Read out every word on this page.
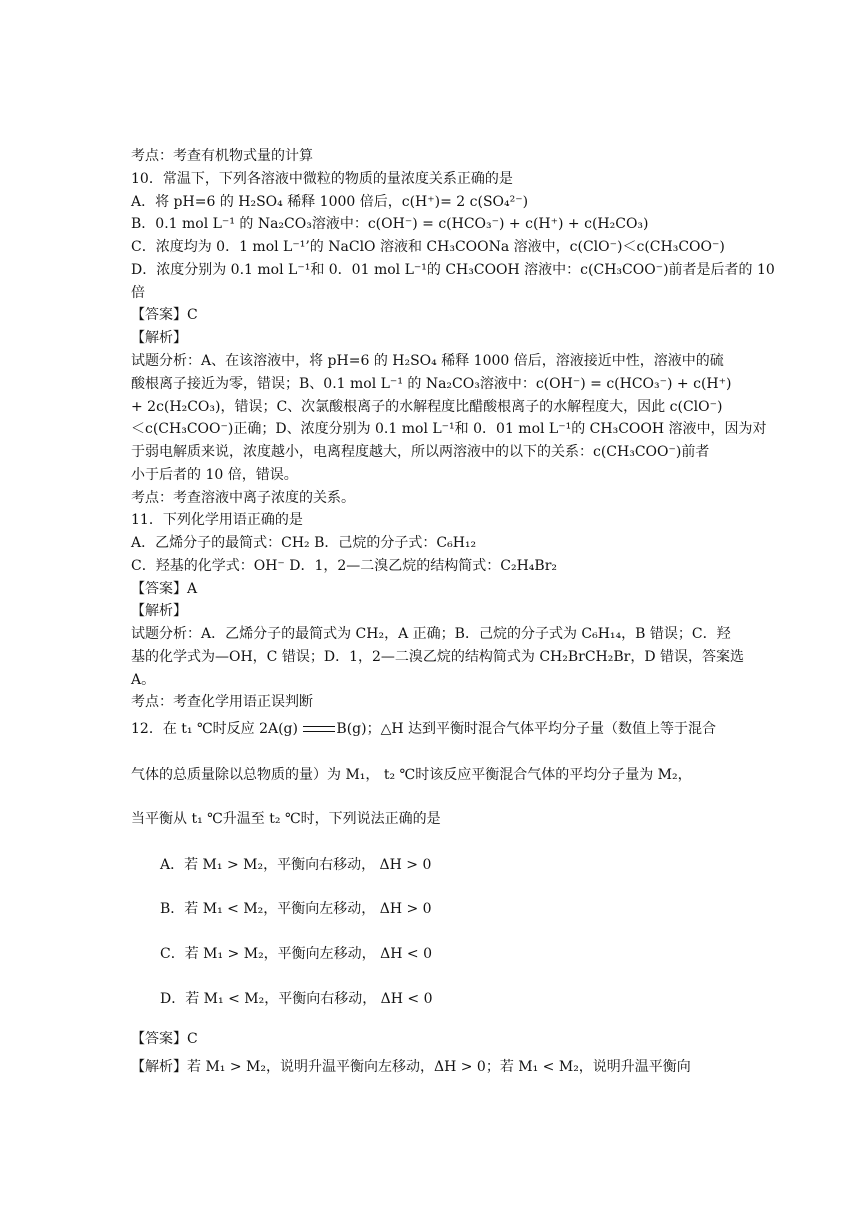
考点：考查有机物式量的计算
10．常温下，下列各溶液中微粒的物质的量浓度关系正确的是
A．将 pH=6 的 H₂SO₄ 稀释 1000 倍后，c(H⁺)= 2 c(SO₄²⁻)
B．0.1 mol L⁻¹ 的 Na₂CO₃溶液中：c(OH⁻) = c(HCO₃⁻) + c(H⁺) + c(H₂CO₃)
C．浓度均为 0．1 mol L⁻¹’的 NaClO 溶液和 CH₃COONa 溶液中，c(ClO⁻)＜c(CH₃COO⁻)
D．浓度分别为 0.1 mol L⁻¹和 0．01 mol L⁻¹的 CH₃COOH 溶液中：c(CH₃COO⁻)前者是后者的 10
倍
【答案】C
【解析】
试题分析：A、在该溶液中，将 pH=6 的 H₂SO₄ 稀释 1000 倍后，溶液接近中性，溶液中的硫
酸根离子接近为零，错误；B、0.1 mol L⁻¹ 的 Na₂CO₃溶液中：c(OH⁻) = c(HCO₃⁻) + c(H⁺)
+ 2c(H₂CO₃)，错误；C、次氯酸根离子的水解程度比醋酸根离子的水解程度大，因此 c(ClO⁻)
＜c(CH₃COO⁻)正确；D、浓度分别为 0.1 mol L⁻¹和 0．01 mol L⁻¹的 CH₃COOH 溶液中，因为对
于弱电解质来说，浓度越小，电离程度越大，所以两溶液中的以下的关系：c(CH₃COO⁻)前者
小于后者的 10 倍，错误。
考点：考查溶液中离子浓度的关系。
11．下列化学用语正确的是
A．乙烯分子的最简式：CH₂ B．己烷的分子式：C₆H₁₂
C．羟基的化学式：OH⁻ D．1，2—二溴乙烷的结构简式：C₂H₄Br₂
【答案】A
【解析】
试题分析：A．乙烯分子的最简式为 CH₂，A 正确；B．己烷的分子式为 C₆H₁₄，B 错误；C．羟
基的化学式为—OH，C 错误；D．1，2—二溴乙烷的结构简式为 CH₂BrCH₂Br，D 错误，答案选
A。
考点：考查化学用语正误判断
12．在 t₁ ℃时反应 2A(g)
B(g)；△H 达到平衡时混合气体平均分子量（数值上等于混合
气体的总质量除以总物质的量）为 M₁， t₂ ℃时该反应平衡混合气体的平均分子量为 M₂，
当平衡从 t₁ ℃升温至 t₂ ℃时，下列说法正确的是
A．若 M₁ > M₂，平衡向右移动， ΔH > 0
B．若 M₁ < M₂，平衡向左移动， ΔH > 0
C．若 M₁ > M₂，平衡向左移动， ΔH < 0
D．若 M₁ < M₂，平衡向右移动， ΔH < 0
【答案】C
【解析】若 M₁ > M₂，说明升温平衡向左移动，ΔH > 0；若 M₁ < M₂，说明升温平衡向
